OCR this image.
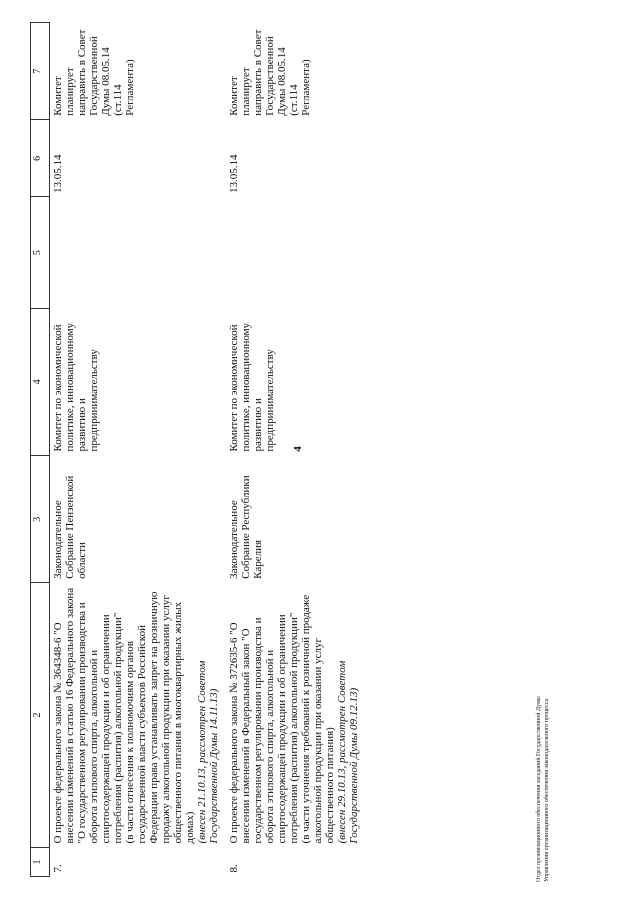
4
1	2	3	4	5	6	7
7.	О проекте федерального закона № 364348-6 "О внесении изменений в статью 16 Федерального закона "О государственном регулировании производства и оборота этилового спирта, алкогольной и спиртосодержащей продукции и об ограничении потребления (распития) алкогольной продукции" (в части отнесения к полномочиям органов государственной власти субъектов Российской Федерации права устанавливать запрет на розничную продажу алкогольной продукции при оказании услуг общественного питания в многоквартирных жилых домах) (внесен 21.10.13, рассмотрен Советом Государственной Думы 14.11.13)	Законодательное Собрание Пензенской области	Комитет по экономической политике, инновационному развитию и предпринимательству		13.05.14	Комитет планирует направить в Совет Государственной Думы 08.05.14 (ст.114 Регламента)
8.	О проекте федерального закона № 372635-6 "О внесении изменений в Федеральный закон "О государственном регулировании производства и оборота этилового спирта, алкогольной и спиртосодержащей продукции и об ограничении потребления (распития) алкогольной продукции" (в части уточнения требований к розничной продаже алкогольной продукции при оказании услуг общественного питания) (внесен 29.10.13, рассмотрен Советом Государственной Думы 09.12.13)	Законодательное Собрание Республики Карелия	Комитет по экономической политике, инновационному развитию и предпринимательству		13.05.14	Комитет планирует направить в Совет Государственной Думы 08.05.14 (ст.114 Регламента)
Отдел организационного обеспечения заседаний Государственной Думы Управления организационного обеспечения законодательного процесса
